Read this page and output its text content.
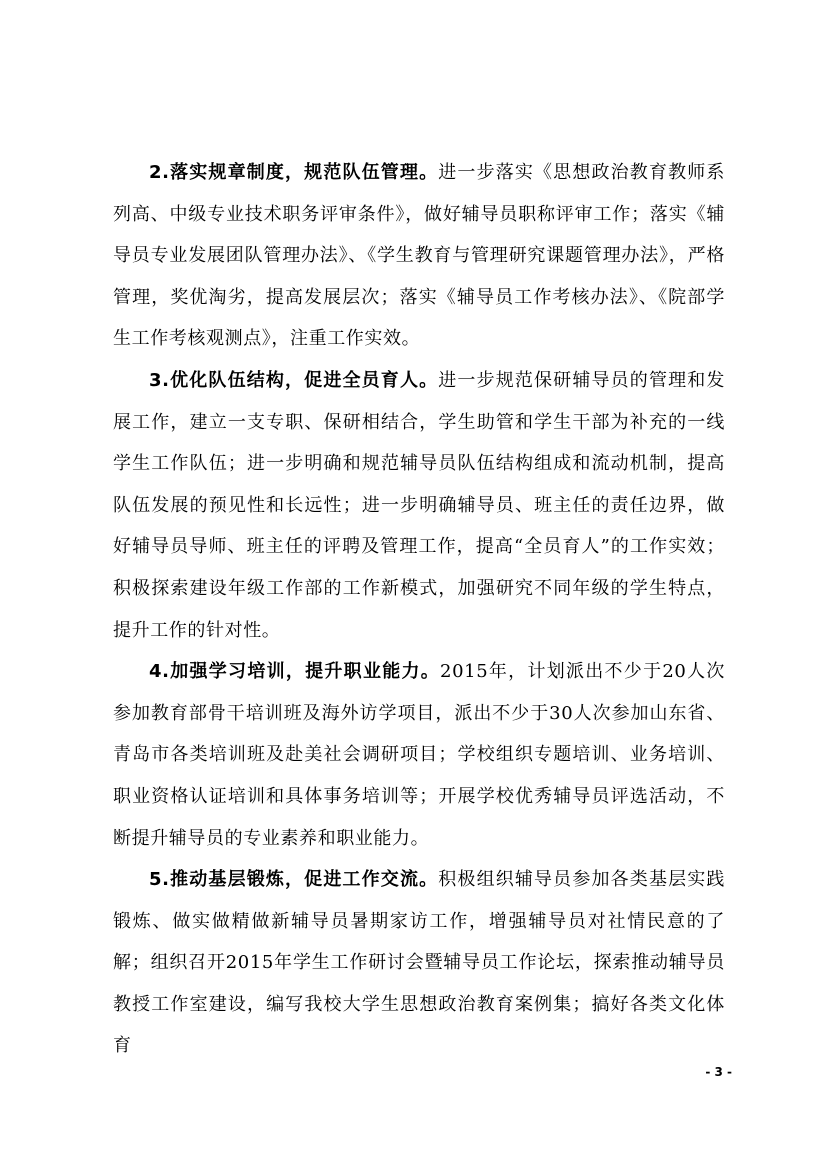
2.落实规章制度，规范队伍管理。进一步落实《思想政治教育教师系列高、中级专业技术职务评审条件》，做好辅导员职称评审工作；落实《辅导员专业发展团队管理办法》、《学生教育与管理研究课题管理办法》，严格管理，奖优淘劣，提高发展层次；落实《辅导员工作考核办法》、《院部学生工作考核观测点》，注重工作实效。

3.优化队伍结构，促进全员育人。进一步规范保研辅导员的管理和发展工作，建立一支专职、保研相结合，学生助管和学生干部为补充的一线学生工作队伍；进一步明确和规范辅导员队伍结构组成和流动机制，提高队伍发展的预见性和长远性；进一步明确辅导员、班主任的责任边界，做好辅导员导师、班主任的评聘及管理工作，提高“全员育人”的工作实效；积极探索建设年级工作部的工作新模式，加强研究不同年级的学生特点，提升工作的针对性。

4.加强学习培训，提升职业能力。2015年，计划派出不少于20人次参加教育部骨干培训班及海外访学项目，派出不少于30人次参加山东省、青岛市各类培训班及赴美社会调研项目；学校组织专题培训、业务培训、职业资格认证培训和具体事务培训等；开展学校优秀辅导员评选活动，不断提升辅导员的专业素养和职业能力。

5.推动基层锻炼，促进工作交流。积极组织辅导员参加各类基层实践锻炼、做实做精做新辅导员暑期家访工作，增强辅导员对社情民意的了解；组织召开2015年学生工作研讨会暨辅导员工作论坛，探索推动辅导员教授工作室建设，编写我校大学生思想政治教育案例集；搞好各类文化体育

- 3 -
